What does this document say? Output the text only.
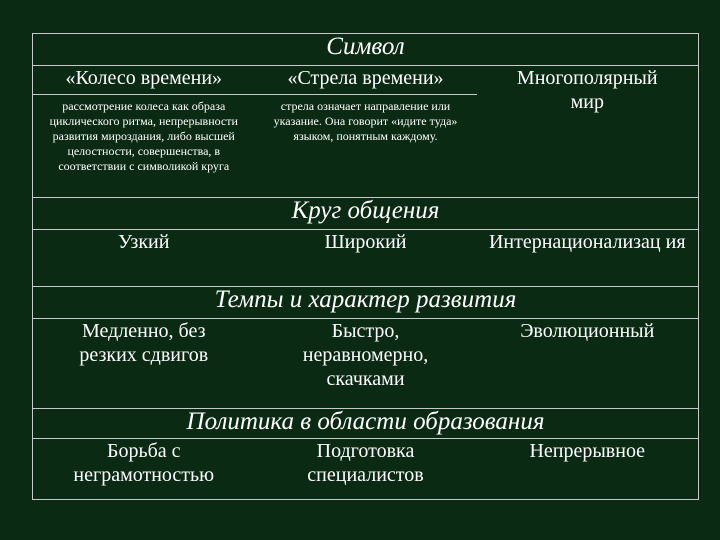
Символ		
«Колесо времени»	«Стрела времени»	Многополярный мир
рассмотрение колеса как образа циклического ритма, непрерывности развития мироздания, либо высшей целостности, совершенства, в соответствии с символикой круга	стрела означает направление или указание. Она говорит «идите туда» языком, понятным каждому.	
Круг общения		
Узкий	Широкий	Интернационализац ия
Темпы и характер развития		
Медленно, без резких сдвигов	Быстро, неравномерно, скачками	Эволюционный
Политика в области образования		
Борьба с неграмотностью	Подготовка специалистов	Непрерывное
